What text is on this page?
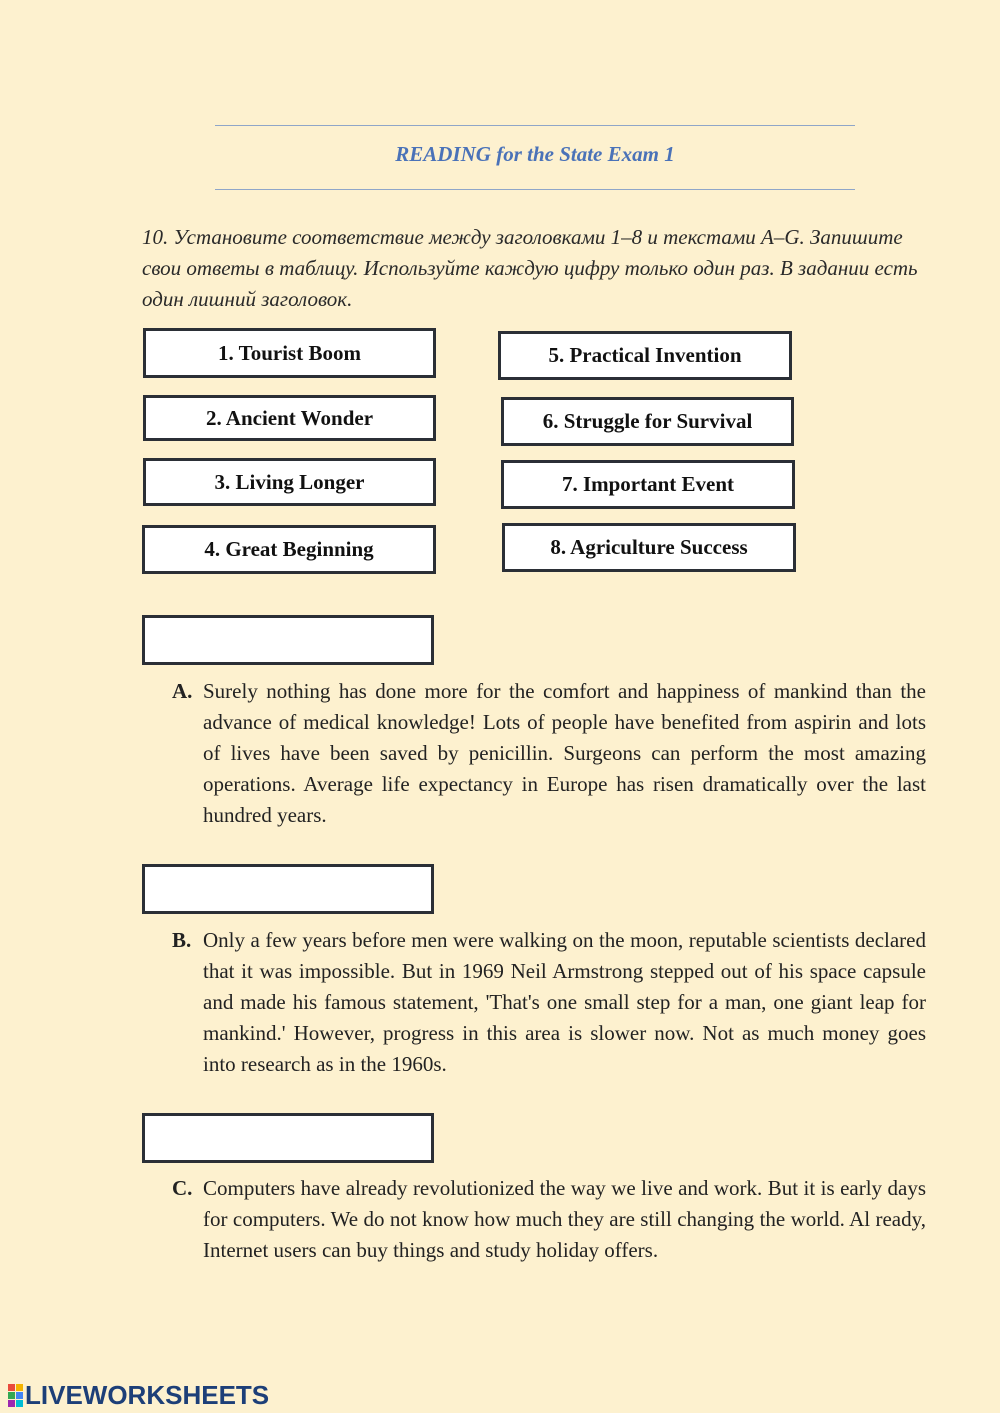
READING for the State Exam 1
10. Установите соответствие между заголовками 1–8 и текстами A–G. Запишите свои ответы в таблицу. Используйте каждую цифру только один раз. В задании есть один лишний заголовок.
1. Tourist Boom
2. Ancient Wonder
3. Living Longer
4. Great Beginning
5. Practical Invention
6. Struggle for Survival
7. Important Event
8. Agriculture Success
A. Surely nothing has done more for the comfort and happiness of mankind than the advance of medical knowledge! Lots of people have benefited from aspirin and lots of lives have been saved by penicillin. Surgeons can perform the most amazing operations. Average life expectancy in Europe has risen dramatically over the last hundred years.
B. Only a few years before men were walking on the moon, reputable scientists declared that it was impossible. But in 1969 Neil Armstrong stepped out of his space capsule and made his famous statement, 'That's one small step for a man, one giant leap for mankind.' However, progress in this area is slower now. Not as much money goes into research as in the 1960s.
C. Computers have already revolutionized the way we live and work. But it is early days for computers. We do not know how much they are still changing the world. Al ready, Internet users can buy things and study holiday offers.
LIVEWORKSHEETS
